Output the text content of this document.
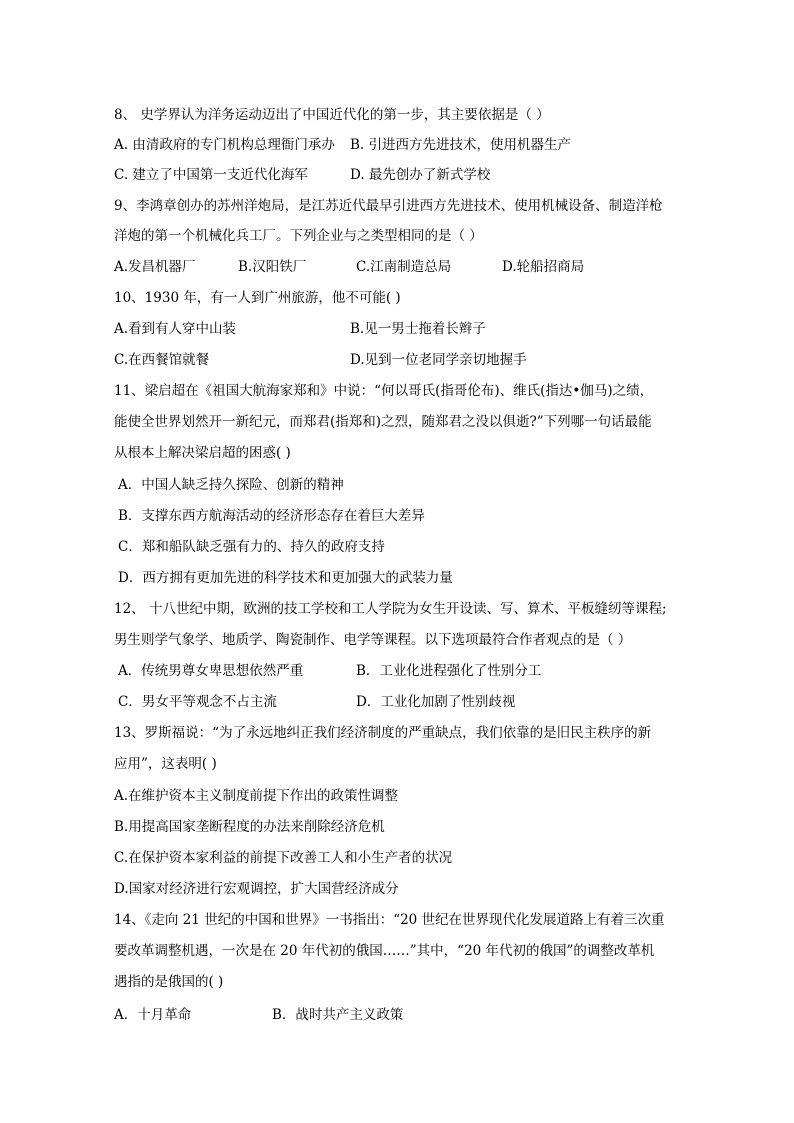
8、 史学界认为洋务运动迈出了中国近代化的第一步，其主要依据是（ ）
A. 由清政府的专门机构总理衙门承办 B. 引进西方先进技术，使用机器生产
C. 建立了中国第一支近代化海军	D. 最先创办了新式学校
9、李鸿章创办的苏州洋炮局，是江苏近代最早引进西方先进技术、使用机械设备、制造洋枪
洋炮的第一个机械化兵工厂。下列企业与之类型相同的是（ ）
A.发昌机器厂	B.汉阳铁厂	C.江南制造总局	D.轮船招商局
10、1930 年，有一人到广州旅游，他不可能( )
A.看到有人穿中山装	B.见一男士拖着长辫子
C.在西餐馆就餐	D.见到一位老同学亲切地握手
11、梁启超在《祖国大航海家郑和》中说：“何以哥氏(指哥伦布)、维氏(指达•伽马)之绩，
能使全世界划然开一新纪元，而郑君(指郑和)之烈，随郑君之没以俱逝?”下列哪一句话最能
从根本上解决梁启超的困惑( )
A．中国人缺乏持久探险、创新的精神
B．支撑东西方航海活动的经济形态存在着巨大差异
C．郑和船队缺乏强有力的、持久的政府支持
D．西方拥有更加先进的科学技术和更加强大的武装力量
12、 十八世纪中期，欧洲的技工学校和工人学院为女生开设读、写、算术、平板缝纫等课程;
男生则学气象学、地质学、陶瓷制作、电学等课程。以下选项最符合作者观点的是（ ）
A．传统男尊女卑思想依然严重	B．工业化进程强化了性别分工
C．男女平等观念不占主流	D．工业化加剧了性别歧视
13、罗斯福说：“为了永远地纠正我们经济制度的严重缺点，我们依靠的是旧民主秩序的新
应用”，这表明( )
A.在维护资本主义制度前提下作出的政策性调整
B.用提高国家垄断程度的办法来削除经济危机
C.在保护资本家利益的前提下改善工人和小生产者的状况
D.国家对经济进行宏观调控，扩大国营经济成分
14、《走向 21 世纪的中国和世界》一书指出：“20 世纪在世界现代化发展道路上有着三次重
要改革调整机遇，一次是在 20 年代初的俄国……”其中，“20 年代初的俄国”的调整改革机
遇指的是俄国的( )
A．十月革命	B．战时共产主义政策
